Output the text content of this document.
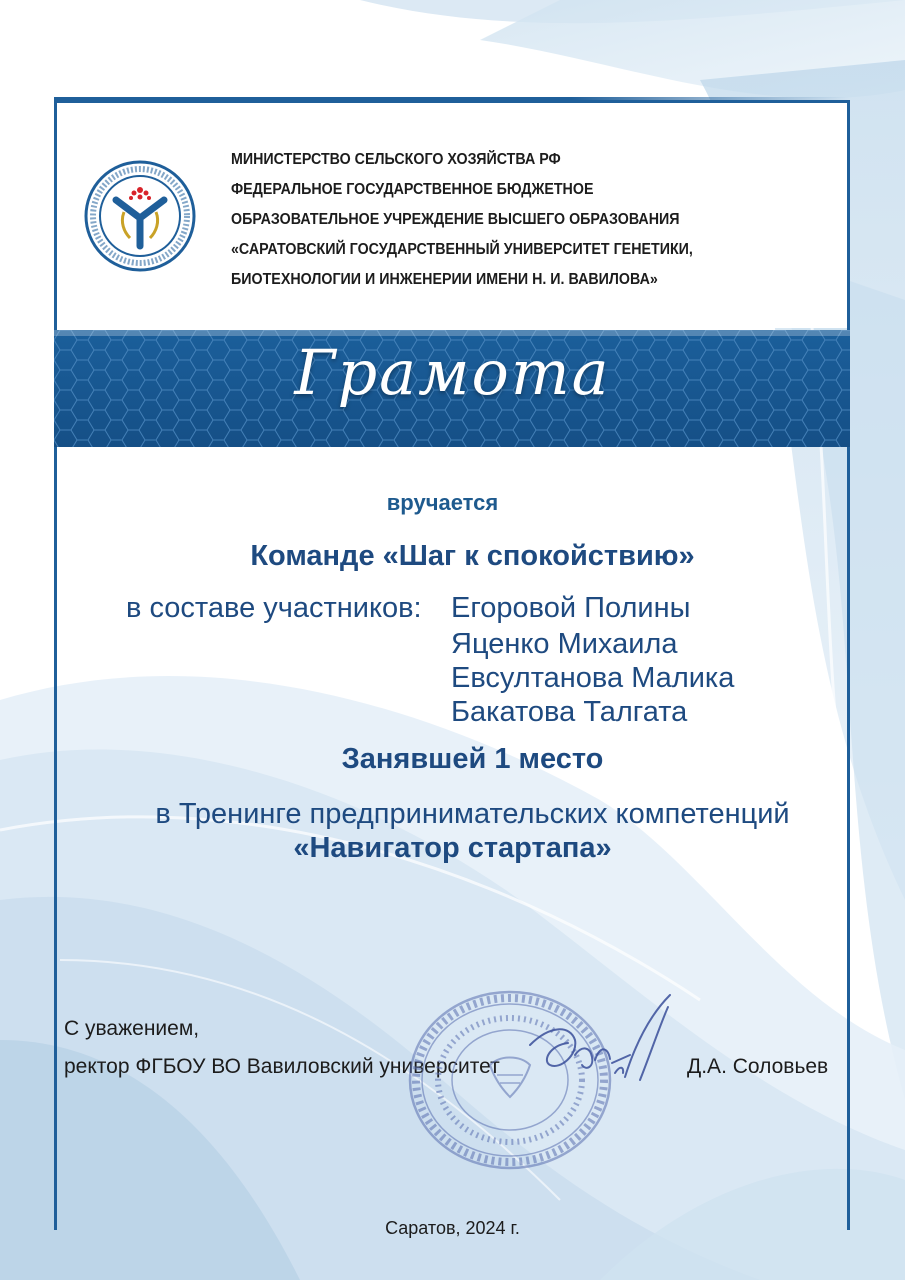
МИНИСТЕРСТВО СЕЛЬСКОГО ХОЗЯЙСТВА РФ
ФЕДЕРАЛЬНОЕ ГОСУДАРСТВЕННОЕ БЮДЖЕТНОЕ
ОБРАЗОВАТЕЛЬНОЕ УЧРЕЖДЕНИЕ ВЫСШЕГО ОБРАЗОВАНИЯ
«САРАТОВСКИЙ ГОСУДАРСТВЕННЫЙ УНИВЕРСИТЕТ ГЕНЕТИКИ,
БИОТЕХНОЛОГИИ И ИНЖЕНЕРИИ ИМЕНИ Н. И. ВАВИЛОВА»
Грамота
вручается
Команде «Шаг к спокойствию»
в составе участников: Егоровой Полины
Яценко Михаила
Евсултанова Малика
Бакатова Талгата
Занявшей 1 место
в Тренинге предпринимательских компетенций
«Навигатор стартапа»
С уважением,
ректор ФГБОУ ВО Вавиловский университет	Д.А. Соловьев
Саратов, 2024 г.
